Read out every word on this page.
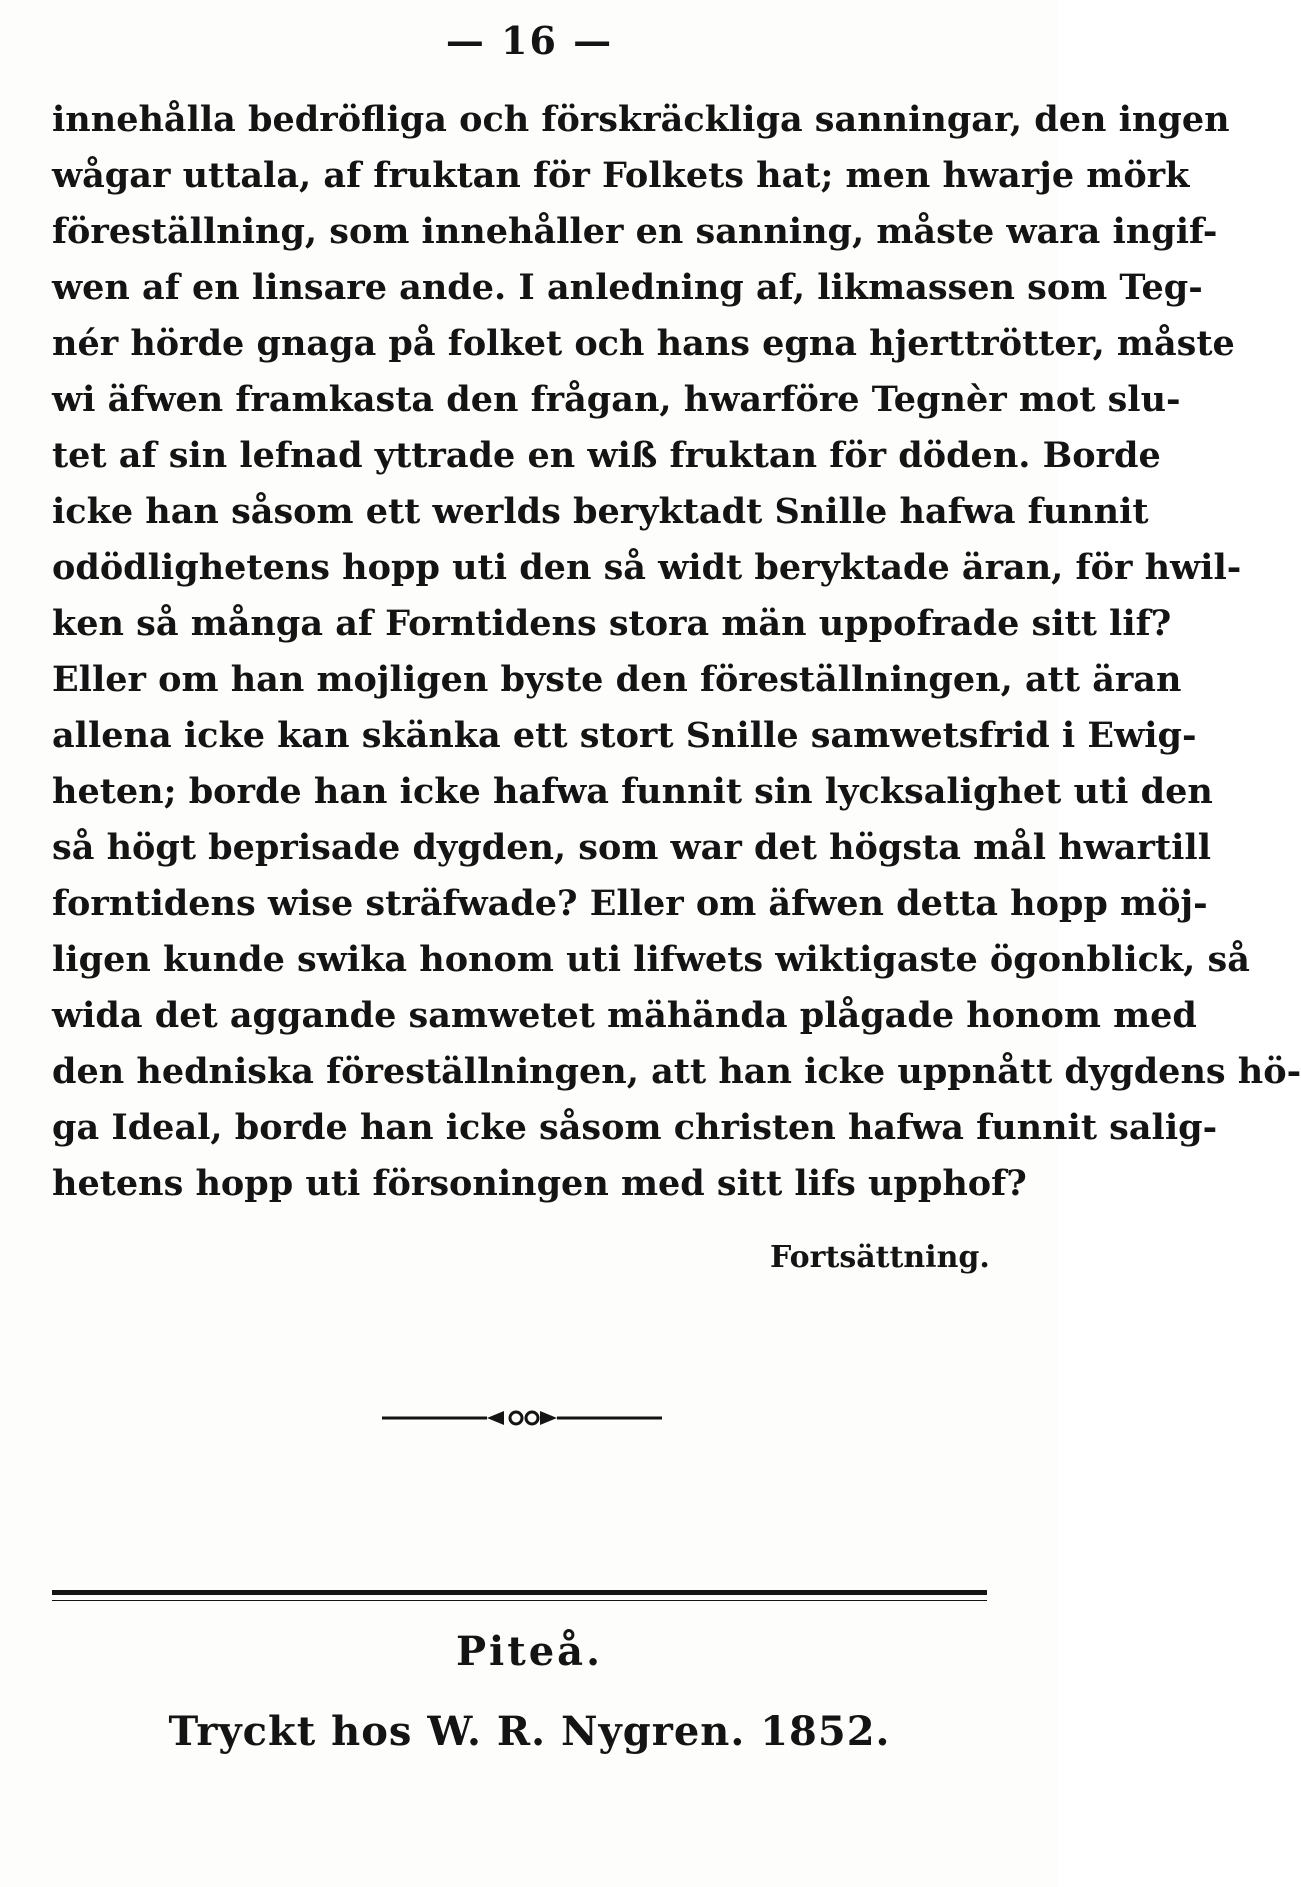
— 16 —
innehålla bedröfliga och förskräckliga sanningar, den ingen
wågar uttala, af fruktan för Folkets hat; men hwarje mörk
föreställning, som innehåller en sanning, måste wara ingif-
wen af en linsare ande. I anledning af, likmassen som Teg-
nér hörde gnaga på folket och hans egna hjerttrötter, måste
wi äfwen framkasta den frågan, hwarföre Tegnèr mot slu-
tet af sin lefnad yttrade en wiß fruktan för döden. Borde
icke han såsom ett werlds beryktadt Snille hafwa funnit
odödlighetens hopp uti den så widt beryktade äran, för hwil-
ken så många af Forntidens stora män uppofrade sitt lif?
Eller om han mojligen byste den föreställningen, att äran
allena icke kan skänka ett stort Snille samwetsfrid i Ewig-
heten; borde han icke hafwa funnit sin lycksalighet uti den
så högt beprisade dygden, som war det högsta mål hwartill
forntidens wise sträfwade? Eller om äfwen detta hopp möj-
ligen kunde swika honom uti lifwets wiktigaste ögonblick, så
wida det aggande samwetet mähända plågade honom med
den hedniska föreställningen, att han icke uppnått dygdens hö-
ga Ideal, borde han icke såsom christen hafwa funnit salig-
hetens hopp uti försoningen med sitt lifs upphof?
Fortsättning.
Piteå.
Tryckt hos W. R. Nygren. 1852.
